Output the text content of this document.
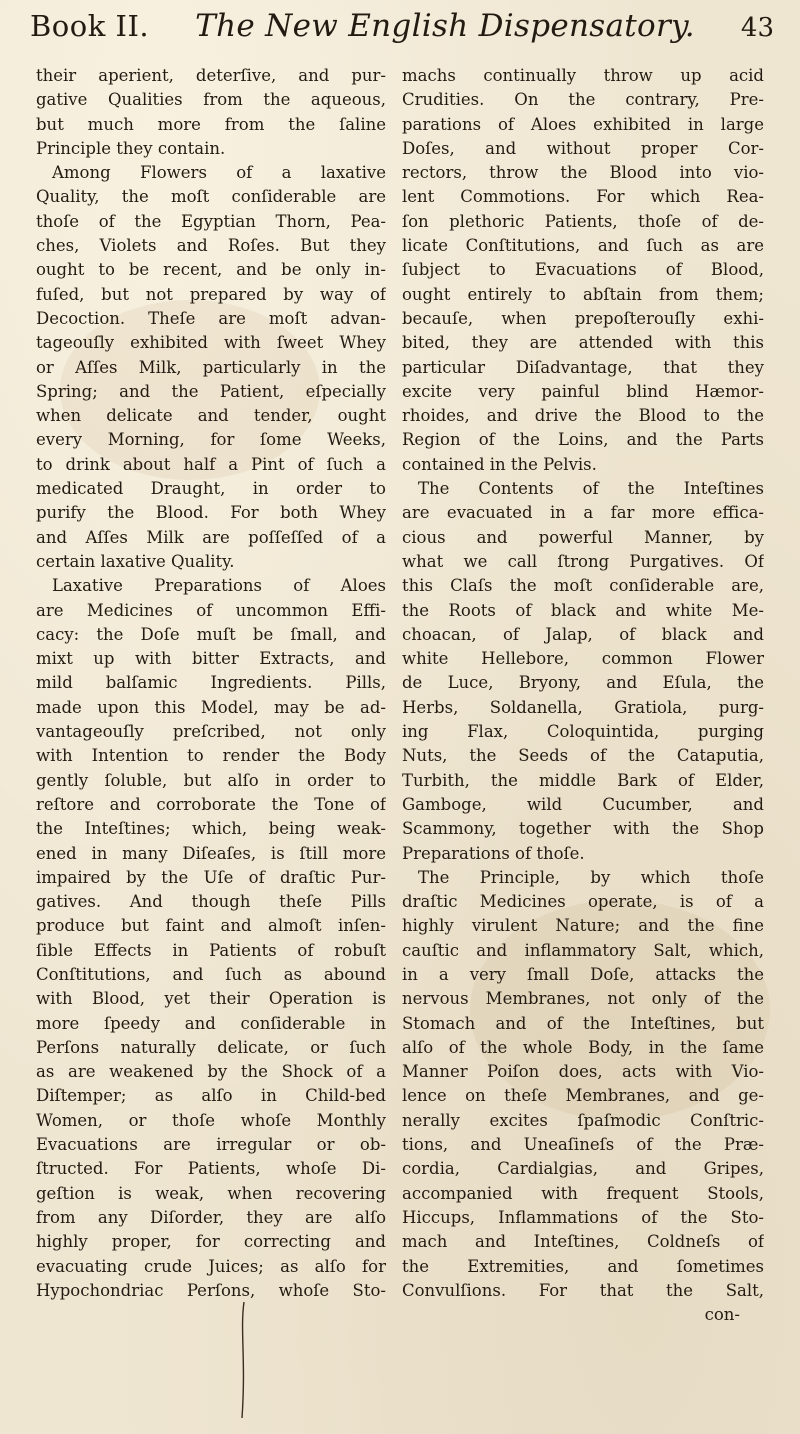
Book II. The New English Dispensatory. 43
their aperient, deterſive, and pur-
gative Qualities from the aqueous,
but much more from the ſaline
Principle they contain.
Among Flowers of a laxative
Quality, the moſt conſiderable are
thoſe of the Egyptian Thorn, Pea-
ches, Violets and Roſes. But they
ought to be recent, and be only in-
fuſed, but not prepared by way of
Decoction. Theſe are moſt advan-
tageouſly exhibited with ſweet Whey
or Aſſes Milk, particularly in the
Spring; and the Patient, eſpecially
when delicate and tender, ought
every Morning, for ſome Weeks,
to drink about half a Pint of ſuch a
medicated Draught, in order to
purify the Blood. For both Whey
and Aſſes Milk are poſſeſſed of a
certain laxative Quality.
Laxative Preparations of Aloes
are Medicines of uncommon Effi-
cacy: the Doſe muſt be ſmall, and
mixt up with bitter Extracts, and
mild balſamic Ingredients. Pills,
made upon this Model, may be ad-
vantageouſly preſcribed, not only
with Intention to render the Body
gently ſoluble, but alſo in order to
reſtore and corroborate the Tone of
the Inteſtines; which, being weak-
ened in many Diſeaſes, is ſtill more
impaired by the Uſe of draſtic Pur-
gatives. And though theſe Pills
produce but faint and almoſt inſen-
ſible Effects in Patients of robuſt
Conſtitutions, and ſuch as abound
with Blood, yet their Operation is
more ſpeedy and conſiderable in
Perſons naturally delicate, or ſuch
as are weakened by the Shock of a
Diſtemper; as alſo in Child-bed
Women, or thoſe whoſe Monthly
Evacuations are irregular or ob-
ſtructed. For Patients, whoſe Di-
geſtion is weak, when recovering
from any Diſorder, they are alſo
highly proper, for correcting and
evacuating crude Juices; as alſo for
Hypochondriac Perſons, whoſe Sto-
machs continually throw up acid
Crudities. On the contrary, Pre-
parations of Aloes exhibited in large
Doſes, and without proper Cor-
rectors, throw the Blood into vio-
lent Commotions. For which Rea-
ſon plethoric Patients, thoſe of de-
licate Conſtitutions, and ſuch as are
ſubject to Evacuations of Blood,
ought entirely to abſtain from them;
becauſe, when prepoſterouſly exhi-
bited, they are attended with this
particular Diſadvantage, that they
excite very painful blind Hæmor-
rhoides, and drive the Blood to the
Region of the Loins, and the Parts
contained in the Pelvis.
The Contents of the Inteſtines
are evacuated in a far more effica-
cious and powerful Manner, by
what we call ſtrong Purgatives. Of
this Claſs the moſt conſiderable are,
the Roots of black and white Me-
choacan, of Jalap, of black and
white Hellebore, common Flower
de Luce, Bryony, and Eſula, the
Herbs, Soldanella, Gratiola, purg-
ing Flax, Coloquintida, purging
Nuts, the Seeds of the Cataputia,
Turbith, the middle Bark of Elder,
Gamboge, wild Cucumber, and
Scammony, together with the Shop
Preparations of thoſe.
The Principle, by which thoſe
draſtic Medicines operate, is of a
highly virulent Nature; and the fine
cauſtic and inflammatory Salt, which,
in a very ſmall Doſe, attacks the
nervous Membranes, not only of the
Stomach and of the Inteſtines, but
alſo of the whole Body, in the ſame
Manner Poiſon does, acts with Vio-
lence on theſe Membranes, and ge-
nerally excites ſpaſmodic Conſtric-
tions, and Uneaſineſs of the Præ-
cordia, Cardialgias, and Gripes,
accompanied with frequent Stools,
Hiccups, Inflammations of the Sto-
mach and Inteſtines, Coldneſs of
the Extremities, and ſometimes
Convulſions. For that the Salt,
con-
